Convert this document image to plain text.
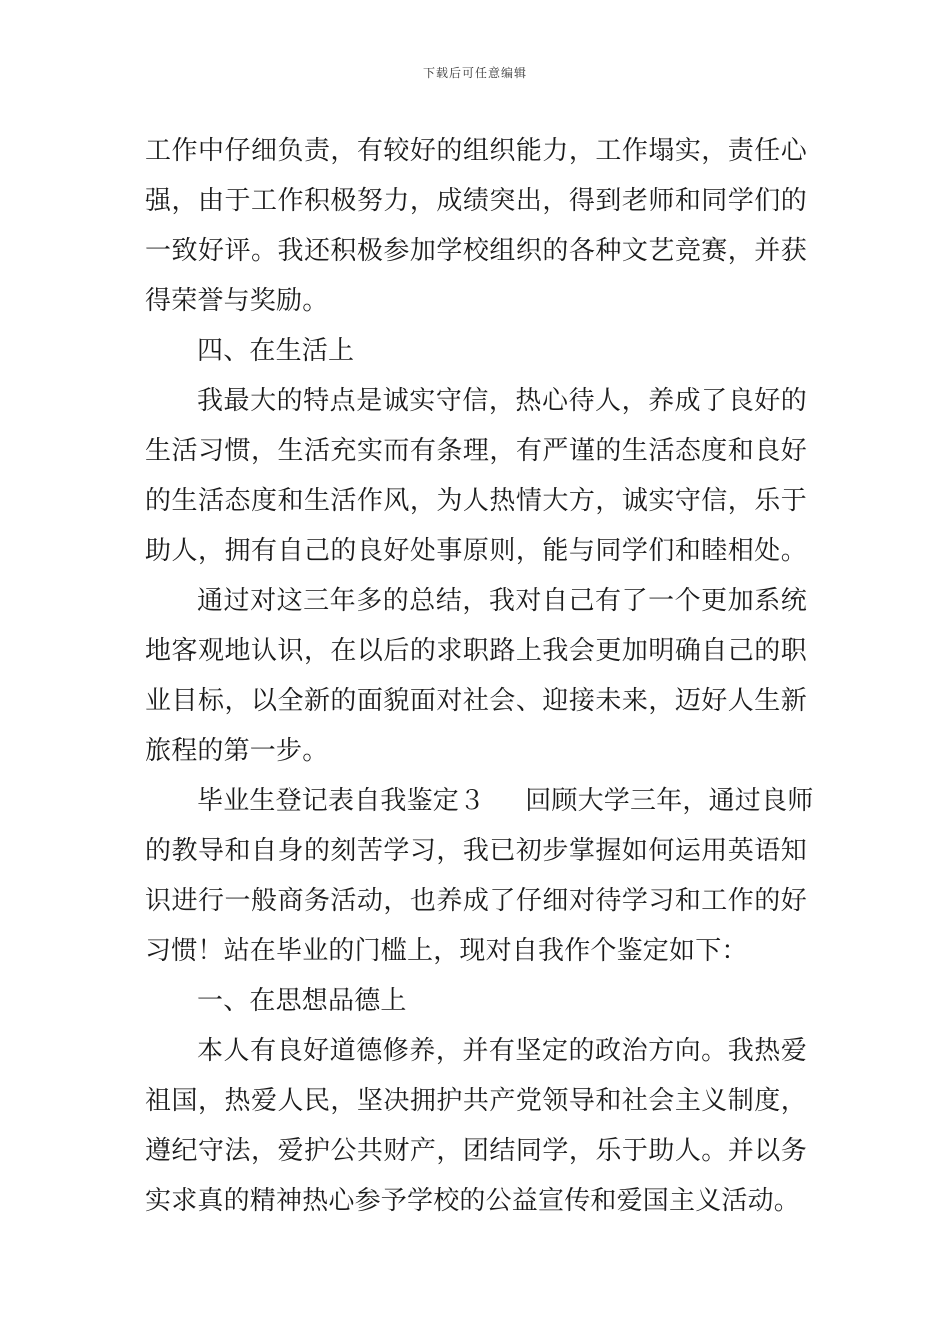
下载后可任意编辑
工作中仔细负责，有较好的组织能力，工作塌实，责任心
强，由于工作积极努力，成绩突出，得到老师和同学们的
一致好评。我还积极参加学校组织的各种文艺竞赛，并获
得荣誉与奖励。
四、在生活上
我最大的特点是诚实守信，热心待人，养成了良好的
生活习惯，生活充实而有条理，有严谨的生活态度和良好
的生活态度和生活作风，为人热情大方，诚实守信，乐于
助人，拥有自己的良好处事原则，能与同学们和睦相处。
通过对这三年多的总结，我对自己有了一个更加系统
地客观地认识，在以后的求职路上我会更加明确自己的职
业目标，以全新的面貌面对社会、迎接未来，迈好人生新
旅程的第一步。
毕业生登记表自我鉴定３ 回顾大学三年，通过良师
的教导和自身的刻苦学习，我已初步掌握如何运用英语知
识进行一般商务活动，也养成了仔细对待学习和工作的好
习惯！站在毕业的门槛上，现对自我作个鉴定如下：
一、在思想品德上
本人有良好道德修养，并有坚定的政治方向。我热爱
祖国，热爱人民，坚决拥护共产党领导和社会主义制度，
遵纪守法，爱护公共财产，团结同学，乐于助人。并以务
实求真的精神热心参予学校的公益宣传和爱国主义活动。
